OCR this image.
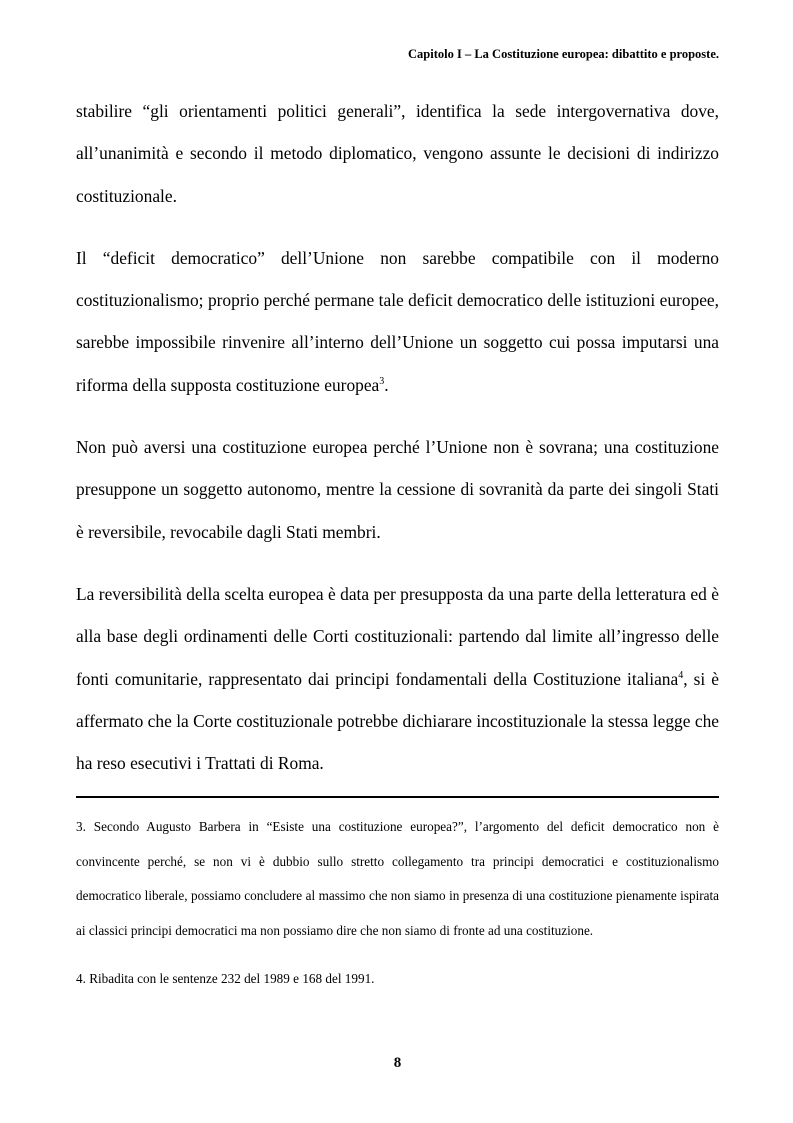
Capitolo I – La Costituzione europea: dibattito e proposte.

stabilire “gli orientamenti politici generali”, identifica la sede intergovernativa dove, all’unanimità e secondo il metodo diplomatico, vengono assunte le decisioni di indirizzo costituzionale.

Il “deficit democratico” dell’Unione non sarebbe compatibile con il moderno costituzionalismo; proprio perché permane tale deficit democratico delle istituzioni europee, sarebbe impossibile rinvenire all’interno dell’Unione un soggetto cui possa imputarsi una riforma della supposta costituzione europea$^3$.

Non può aversi una costituzione europea perché l’Unione non è sovrana; una costituzione presuppone un soggetto autonomo, mentre la cessione di sovranità da parte dei singoli Stati è reversibile, revocabile dagli Stati membri.

La reversibilità della scelta europea è data per presupposta da una parte della letteratura ed è alla base degli ordinamenti delle Corti costituzionali: partendo dal limite all’ingresso delle fonti comunitarie, rappresentato dai principi fondamentali della Costituzione italiana$^4$, si è affermato che la Corte costituzionale potrebbe dichiarare incostituzionale la stessa legge che ha reso esecutivi i Trattati di Roma.

3. Secondo Augusto Barbera in “Esiste una costituzione europea?”, l’argomento del deficit democratico non è convincente perché, se non vi è dubbio sullo stretto collegamento tra principi democratici e costituzionalismo democratico liberale, possiamo concludere al massimo che non siamo in presenza di una costituzione pienamente ispirata ai classici principi democratici ma non possiamo dire che non siamo di fronte ad una costituzione.

4. Ribadita con le sentenze 232 del 1989 e 168 del 1991.

8
